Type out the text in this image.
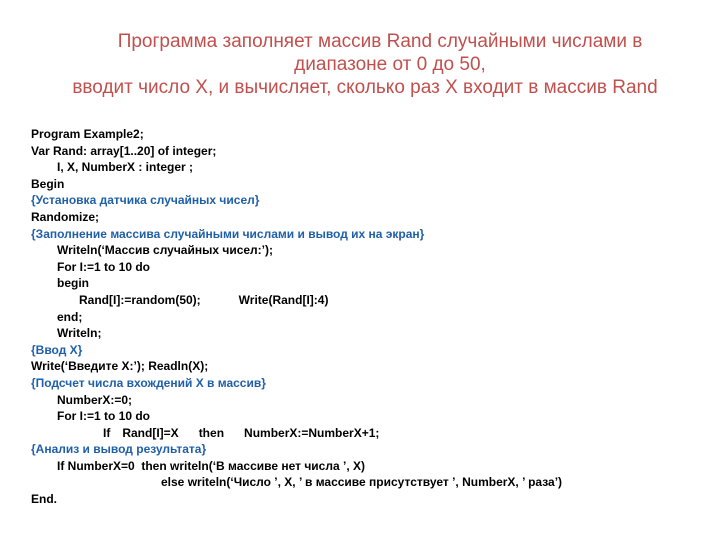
Программа заполняет массив Rand случайными числами в
диапазоне от 0 до 50,
вводит число Х, и вычисляет, сколько раз Х входит в массив Rand
Program Example2;
Var Rand: array[1..20] of integer;
I, X, NumberX : integer ;
Begin
{Установка датчика случайных чисел}
Randomize;
{Заполнение массива случайными числами и вывод их на экран}
Writeln(‘Массив случайных чисел:’);
For I:=1 to 10 do
begin
Rand[I]:=random(50);	Write(Rand[I]:4)
end;
Writeln;
{Ввод Х}
Write(‘Введите X:’); Readln(X);
{Подсчет числа вхождений Х в массив}
NumberX:=0;
For I:=1 to 10 do
If Rand[I]=X then NumberX:=NumberX+1;
{Анализ и вывод результата}
If NumberX=0  then writeln(‘В массиве нет числа ’, X)
else writeln(‘Число ’, X, ’ в массиве присутствует ’, NumberX, ’ раза’)
End.
